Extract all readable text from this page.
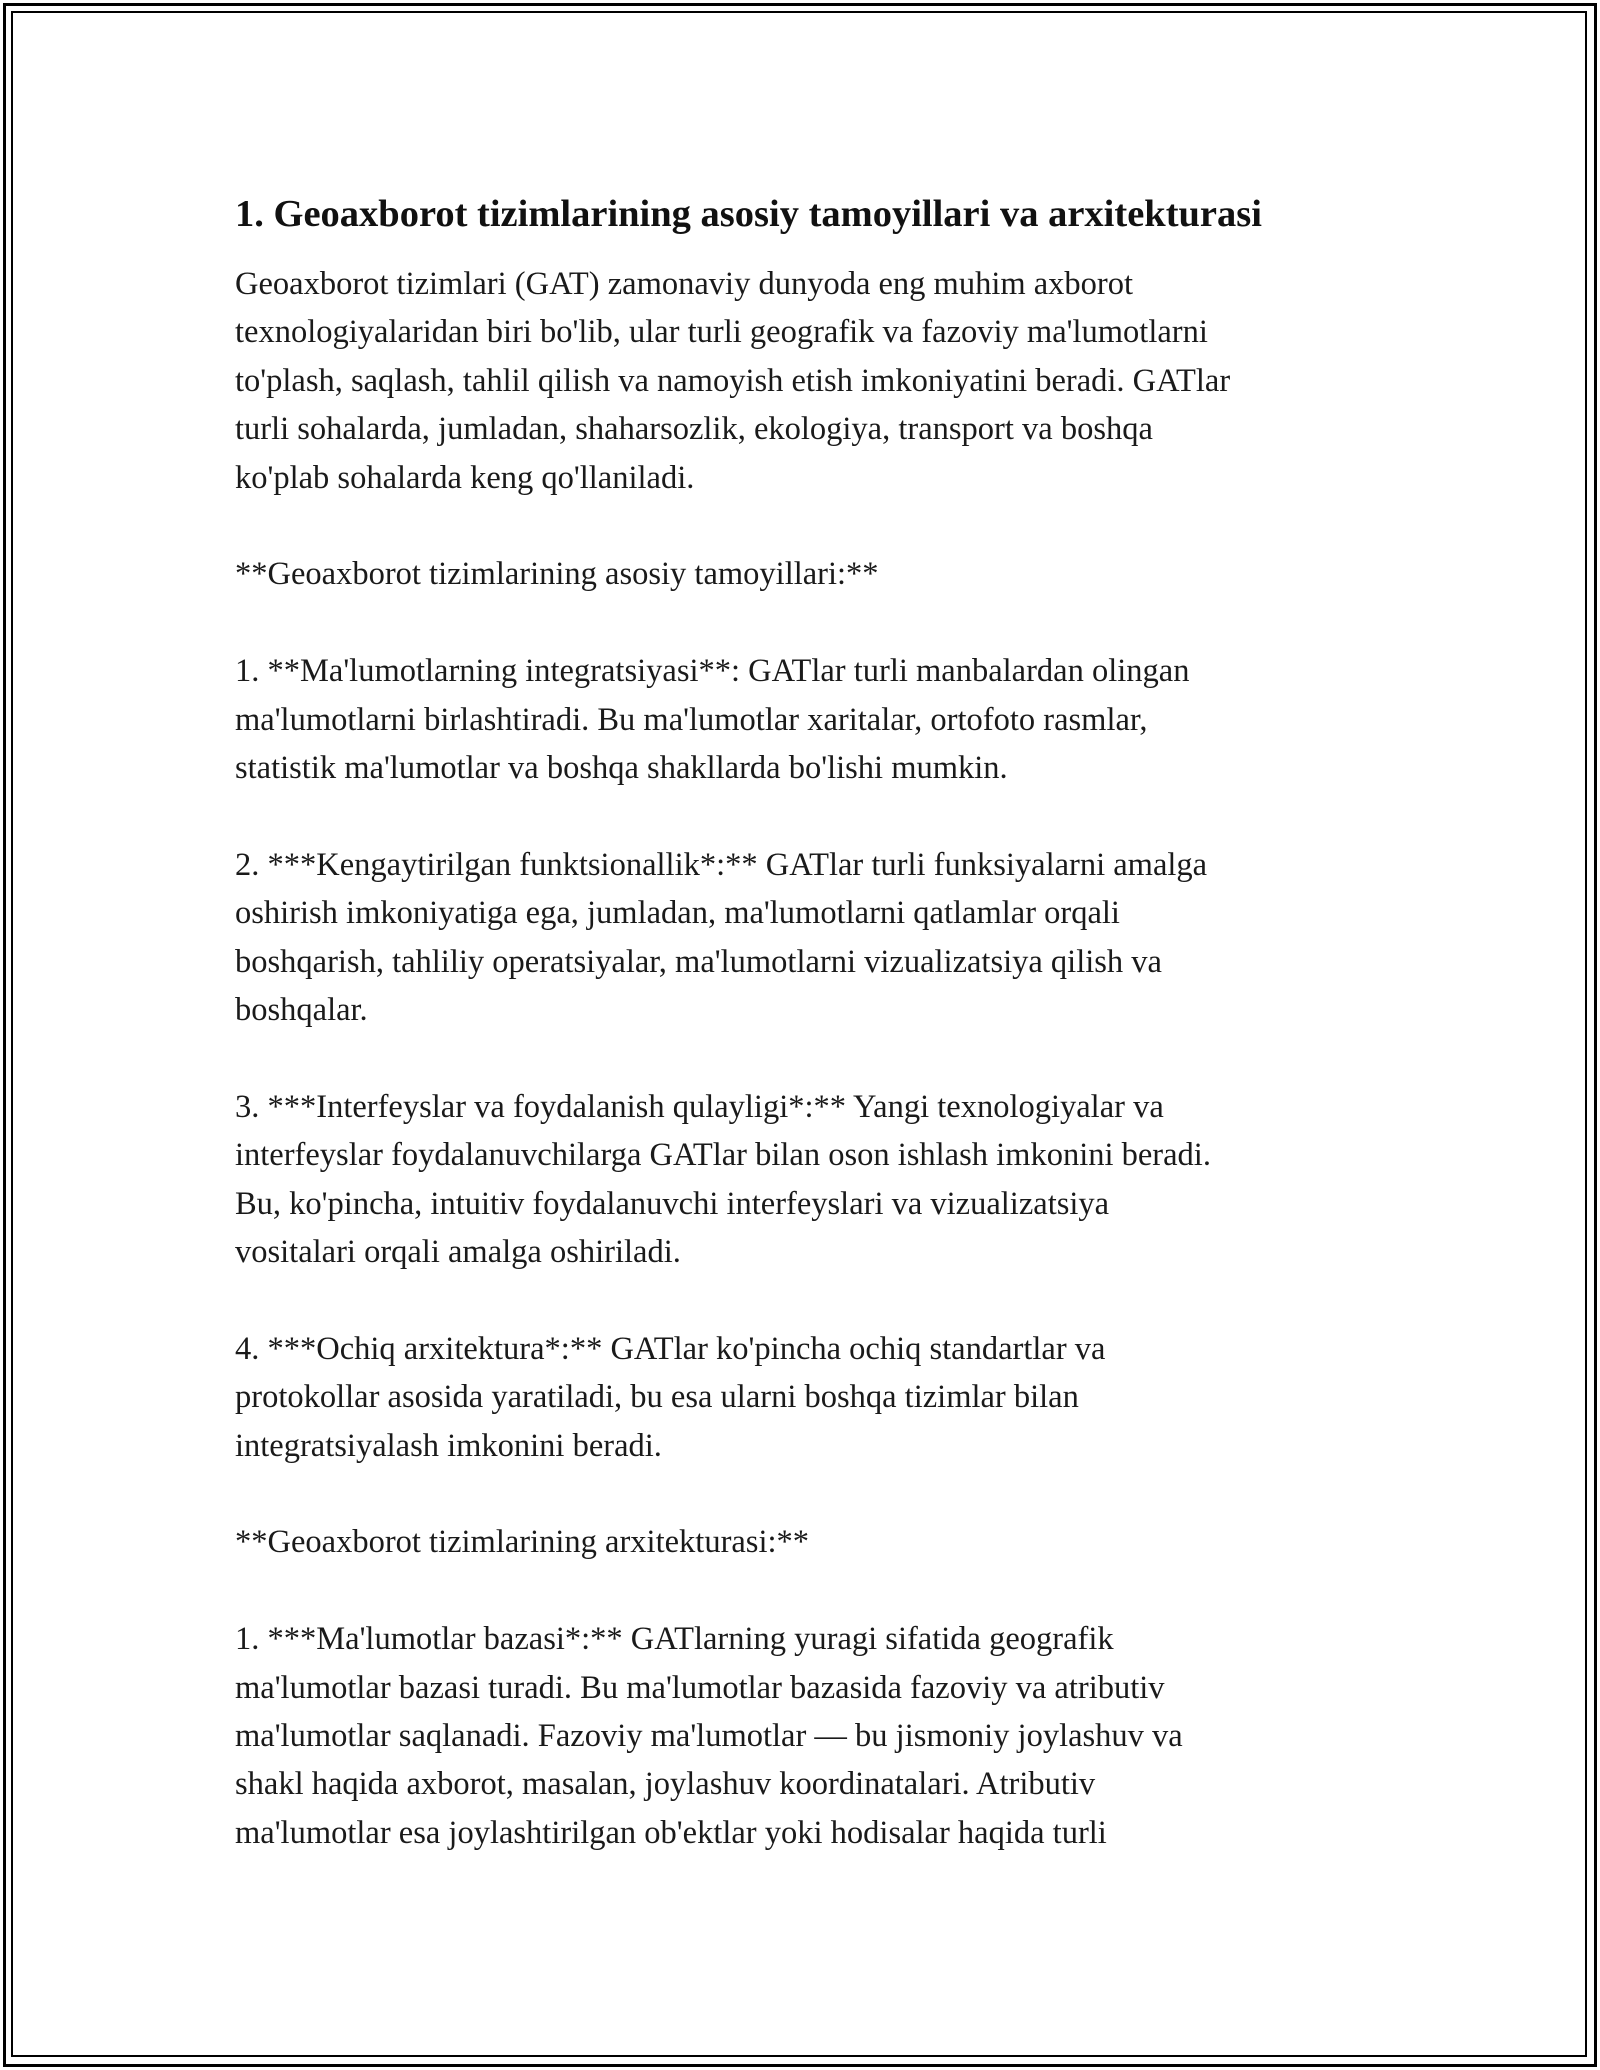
1. Geoaxborot tizimlarining asosiy tamoyillari va arxitekturasi
Geoaxborot tizimlari (GAT) zamonaviy dunyoda eng muhim axborot
texnologiyalaridan biri bo'lib, ular turli geografik va fazoviy ma'lumotlarni
to'plash, saqlash, tahlil qilish va namoyish etish imkoniyatini beradi. GATlar
turli sohalarda, jumladan, shaharsozlik, ekologiya, transport va boshqa
ko'plab sohalarda keng qo'llaniladi.
**Geoaxborot tizimlarining asosiy tamoyillari:**
1. **Ma'lumotlarning integratsiyasi**: GATlar turli manbalardan olingan
ma'lumotlarni birlashtiradi. Bu ma'lumotlar xaritalar, ortofoto rasmlar,
statistik ma'lumotlar va boshqa shakllarda bo'lishi mumkin.
2. ***Kengaytirilgan funktsionallik*:** GATlar turli funksiyalarni amalga
oshirish imkoniyatiga ega, jumladan, ma'lumotlarni qatlamlar orqali
boshqarish, tahliliy operatsiyalar, ma'lumotlarni vizualizatsiya qilish va
boshqalar.
3. ***Interfeyslar va foydalanish qulayligi*:** Yangi texnologiyalar va
interfeyslar foydalanuvchilarga GATlar bilan oson ishlash imkonini beradi.
Bu, ko'pincha, intuitiv foydalanuvchi interfeyslari va vizualizatsiya
vositalari orqali amalga oshiriladi.
4. ***Ochiq arxitektura*:** GATlar ko'pincha ochiq standartlar va
protokollar asosida yaratiladi, bu esa ularni boshqa tizimlar bilan
integratsiyalash imkonini beradi.
**Geoaxborot tizimlarining arxitekturasi:**
1. ***Ma'lumotlar bazasi*:** GATlarning yuragi sifatida geografik
ma'lumotlar bazasi turadi. Bu ma'lumotlar bazasida fazoviy va atributiv
ma'lumotlar saqlanadi. Fazoviy ma'lumotlar — bu jismoniy joylashuv va
shakl haqida axborot, masalan, joylashuv koordinatalari. Atributiv
ma'lumotlar esa joylashtirilgan ob'ektlar yoki hodisalar haqida turli
